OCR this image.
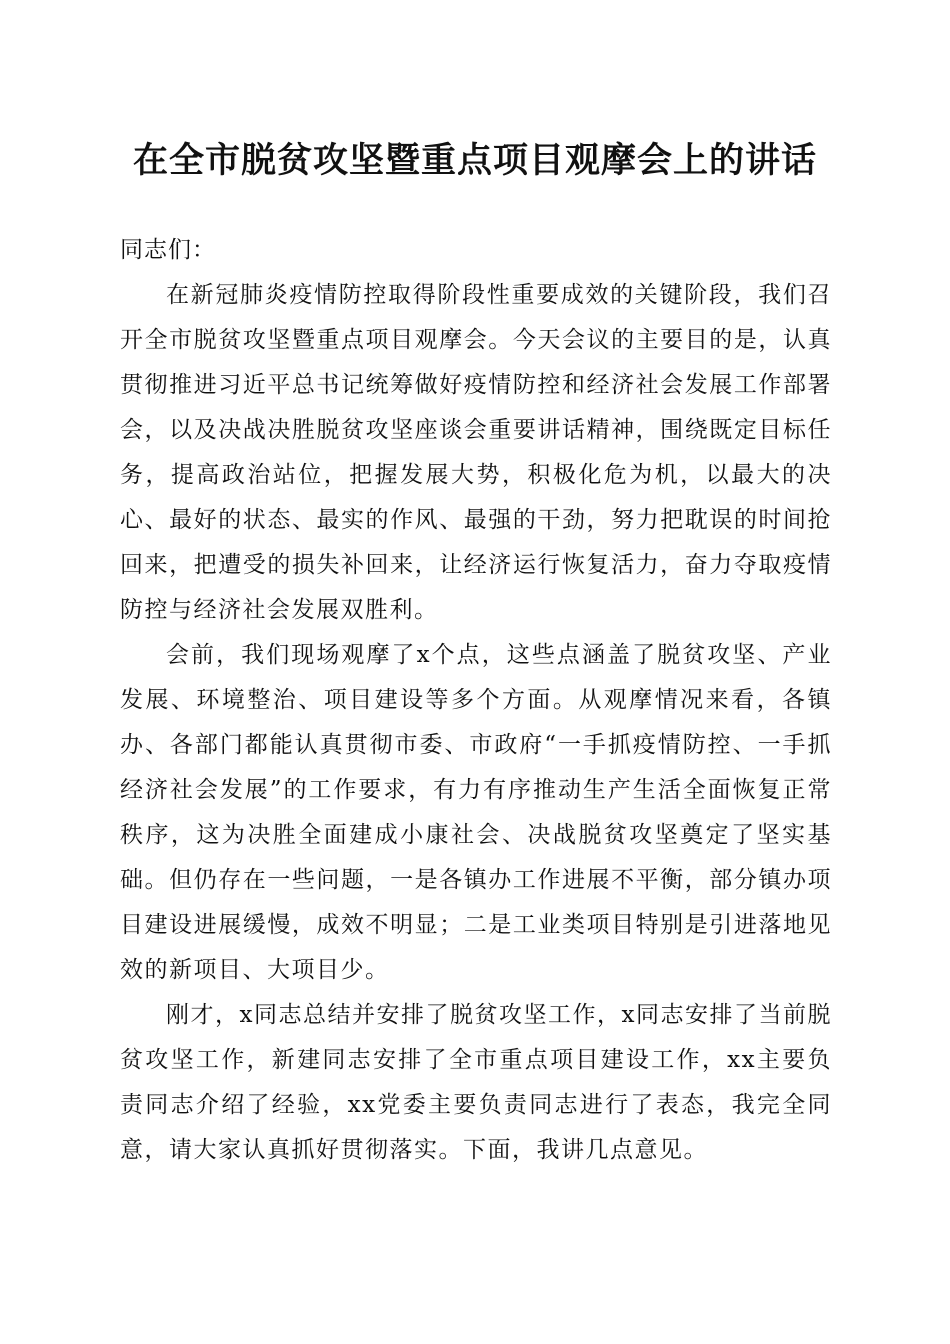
在全市脱贫攻坚暨重点项目观摩会上的讲话

同志们：

在新冠肺炎疫情防控取得阶段性重要成效的关键阶段，我们召开全市脱贫攻坚暨重点项目观摩会。今天会议的主要目的是，认真贯彻推进习近平总书记统筹做好疫情防控和经济社会发展工作部署会，以及决战决胜脱贫攻坚座谈会重要讲话精神，围绕既定目标任务，提高政治站位，把握发展大势，积极化危为机，以最大的决心、最好的状态、最实的作风、最强的干劲，努力把耽误的时间抢回来，把遭受的损失补回来，让经济运行恢复活力，奋力夺取疫情防控与经济社会发展双胜利。

会前，我们现场观摩了x个点，这些点涵盖了脱贫攻坚、产业发展、环境整治、项目建设等多个方面。从观摩情况来看，各镇办、各部门都能认真贯彻市委、市政府“一手抓疫情防控、一手抓经济社会发展”的工作要求，有力有序推动生产生活全面恢复正常秩序，这为决胜全面建成小康社会、决战脱贫攻坚奠定了坚实基础。但仍存在一些问题，一是各镇办工作进展不平衡，部分镇办项目建设进展缓慢，成效不明显；二是工业类项目特别是引进落地见效的新项目、大项目少。

刚才，x同志总结并安排了脱贫攻坚工作，x同志安排了当前脱贫攻坚工作，新建同志安排了全市重点项目建设工作，xx主要负责同志介绍了经验，xx党委主要负责同志进行了表态，我完全同意，请大家认真抓好贯彻落实。下面，我讲几点意见。
